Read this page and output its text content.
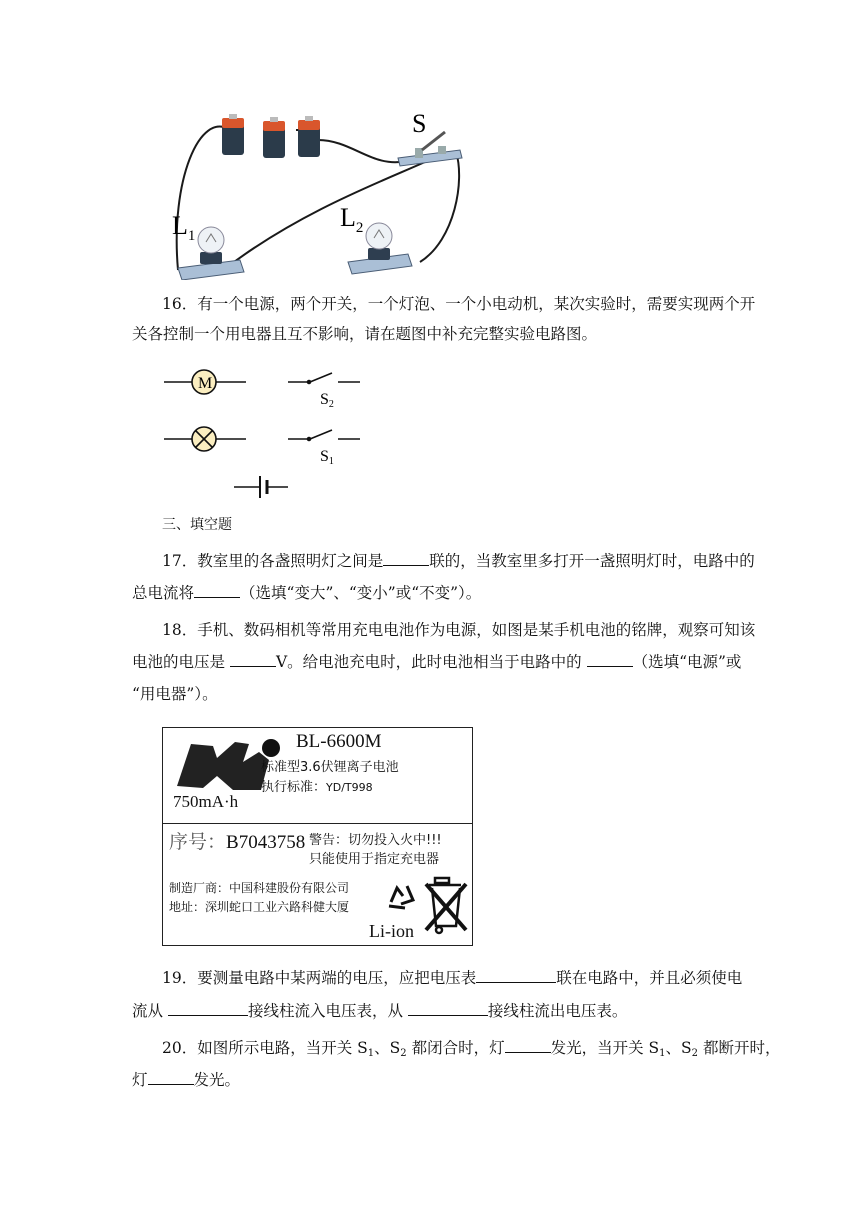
S
$L_1$
$L_2$
16．有一个电源，两个开关，一个灯泡、一个小电动机，某次实验时，需要实现两个开
关各控制一个用电器且互不影响，请在题图中补充完整实验电路图。
M
S2
S1
三、填空题
17．教室里的各盏照明灯之间是	联的，当教室里多打开一盏照明灯时，电路中的
总电流将	（选填“变大”、“变小”或“不变”）。
18．手机、数码相机等常用充电电池作为电源，如图是某手机电池的铭牌，观察可知该
电池的电压是	V。给电池充电时，此时电池相当于电路中的	（选填“电源”或
“用电器”）。
BL-6600M
标准型3.6伏锂离子电池
执行标准：YD/T998
750mA·h
序号：B7043758 警告：切勿投入火中!!!
只能使用于指定充电器
制造厂商：中国科建股份有限公司
地址：深圳蛇口工业六路科健大厦
Li-ion
19．要测量电路中某两端的电压，应把电压表	联在电路中，并且必须使电
流从	接线柱流入电压表，从	接线柱流出电压表。
20．如图所示电路，当开关 $S_1$、$S_2$ 都闭合时，灯	发光，当开关 $S_1$、$S_2$ 都断开时，
灯	发光。
